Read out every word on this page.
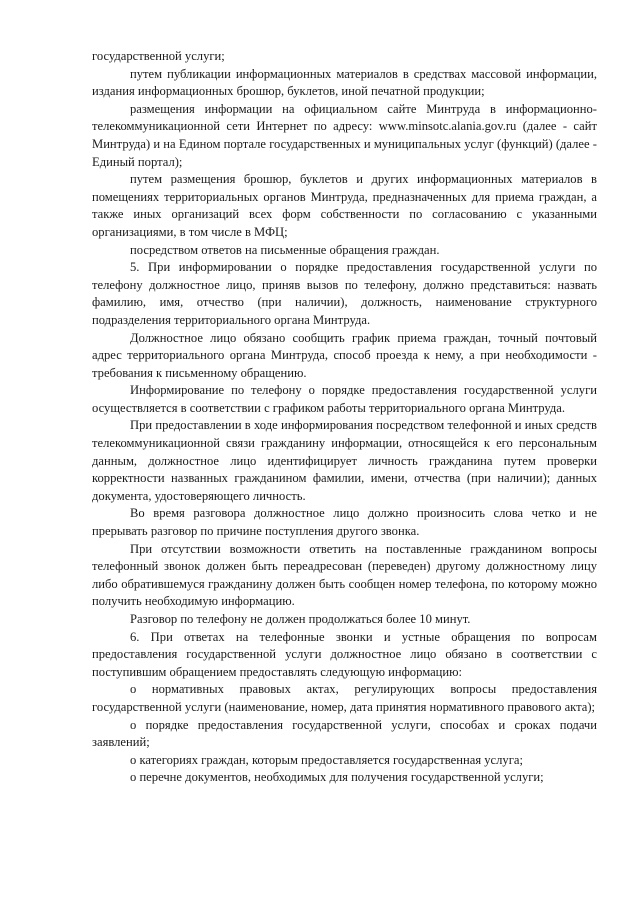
государственной услуги;

путем публикации информационных материалов в средствах массовой информации, издания информационных брошюр, буклетов, иной печатной продукции;

размещения информации на официальном сайте Минтруда в информационно-телекоммуникационной сети Интернет по адресу: www.minsotc.alania.gov.ru (далее - сайт Минтруда) и на Едином портале государственных и муниципальных услуг (функций) (далее - Единый портал);

путем размещения брошюр, буклетов и других информационных материалов в помещениях территориальных органов Минтруда, предназначенных для приема граждан, а также иных организаций всех форм собственности по согласованию с указанными организациями, в том числе в МФЦ;

посредством ответов на письменные обращения граждан.

5. При информировании о порядке предоставления государственной услуги по телефону должностное лицо, приняв вызов по телефону, должно представиться: назвать фамилию, имя, отчество (при наличии), должность, наименование структурного подразделения территориального органа Минтруда.

Должностное лицо обязано сообщить график приема граждан, точный почтовый адрес территориального органа Минтруда, способ проезда к нему, а при необходимости - требования к письменному обращению.

Информирование по телефону о порядке предоставления государственной услуги осуществляется в соответствии с графиком работы территориального органа Минтруда.

При предоставлении в ходе информирования посредством телефонной и иных средств телекоммуникационной связи гражданину информации, относящейся к его персональным данным, должностное лицо идентифицирует личность гражданина путем проверки корректности названных гражданином фамилии, имени, отчества (при наличии); данных документа, удостоверяющего личность.

Во время разговора должностное лицо должно произносить слова четко и не прерывать разговор по причине поступления другого звонка.

При отсутствии возможности ответить на поставленные гражданином вопросы телефонный звонок должен быть переадресован (переведен) другому должностному лицу либо обратившемуся гражданину должен быть сообщен номер телефона, по которому можно получить необходимую информацию.

Разговор по телефону не должен продолжаться более 10 минут.

6. При ответах на телефонные звонки и устные обращения по вопросам предоставления государственной услуги должностное лицо обязано в соответствии с поступившим обращением предоставлять следующую информацию:

о нормативных правовых актах, регулирующих вопросы предоставления государственной услуги (наименование, номер, дата принятия нормативного правового акта);

о порядке предоставления государственной услуги, способах и сроках подачи заявлений;

о категориях граждан, которым предоставляется государственная услуга;

о перечне документов, необходимых для получения государственной услуги;
